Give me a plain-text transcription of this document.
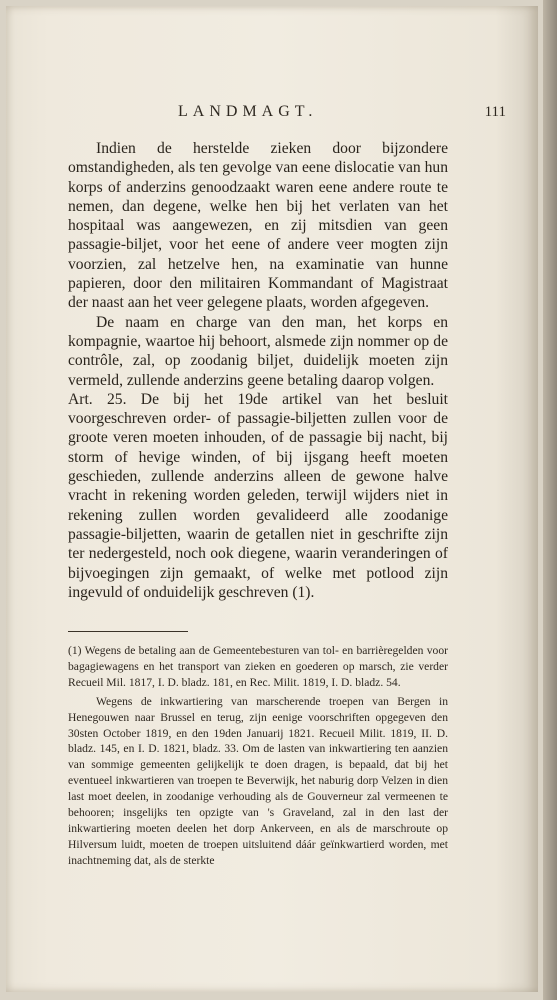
LANDMAGT.	111

Indien de herstelde zieken door bijzondere omstandigheden, als ten gevolge van eene dislocatie van hun korps of anderzins genoodzaakt waren eene andere route te nemen, dan degene, welke hen bij het verlaten van het hospitaal was aangewezen, en zij mitsdien van geen passagie-biljet, voor het eene of andere veer mogten zijn voorzien, zal hetzelve hen, na examinatie van hunne papieren, door den militairen Kommandant of Magistraat der naast aan het veer gelegene plaats, worden afgegeven.

De naam en charge van den man, het korps en kompagnie, waartoe hij behoort, alsmede zijn nommer op de contrôle, zal, op zoodanig biljet, duidelijk moeten zijn vermeld, zullende anderzins geene betaling daarop volgen.

Art. 25. De bij het 19de artikel van het besluit voorgeschreven order- of passagie-biljetten zullen voor de groote veren moeten inhouden, of de passagie bij nacht, bij storm of hevige winden, of bij ijsgang heeft moeten geschieden, zullende anderzins alleen de gewone halve vracht in rekening worden geleden, terwijl wijders niet in rekening zullen worden gevalideerd alle zoodanige passagie-biljetten, waarin de getallen niet in geschrifte zijn ter nedergesteld, noch ook diegene, waarin veranderingen of bijvoegingen zijn gemaakt, of welke met potlood zijn ingevuld of onduidelijk geschreven (1).

(1) Wegens de betaling aan de Gemeentebesturen van tol- en barrièregelden voor bagagiewagens en het transport van zieken en goederen op marsch, zie verder Recueil Mil. 1817, I. D. bladz. 181, en Rec. Milit. 1819, I. D. bladz. 54.

Wegens de inkwartiering van marscherende troepen van Bergen in Henegouwen naar Brussel en terug, zijn eenige voorschriften opgegeven den 30sten October 1819, en den 19den Januarij 1821. Recueil Milit. 1819, II. D. bladz. 145, en I. D. 1821, bladz. 33. Om de lasten van inkwartiering ten aanzien van sommige gemeenten gelijkelijk te doen dragen, is bepaald, dat bij het eventueel inkwartieren van troepen te Beverwijk, het naburig dorp Velzen in dien last moet deelen, in zoodanige verhouding als de Gouverneur zal vermeenen te behooren; insgelijks ten opzigte van 's Graveland, zal in den last der inkwartiering moeten deelen het dorp Ankerveen, en als de marschroute op Hilversum luidt, moeten de troepen uitsluitend dáár geïnkwartierd worden, met inachtneming dat, als de sterkte
